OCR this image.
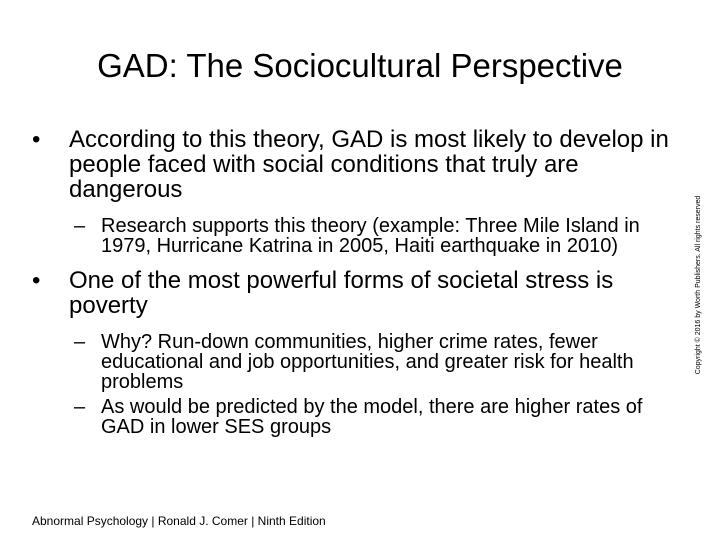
GAD: The Sociocultural Perspective
• According to this theory, GAD is most likely to develop in people faced with social conditions that truly are dangerous
– Research supports this theory (example: Three Mile Island in 1979, Hurricane Katrina in 2005, Haiti earthquake in 2010)
• One of the most powerful forms of societal stress is poverty
– Why? Run-down communities, higher crime rates, fewer educational and job opportunities, and greater risk for health problems
– As would be predicted by the model, there are higher rates of GAD in lower SES groups
Abnormal Psychology | Ronald J. Comer | Ninth Edition
Copyright © 2016 by Worth Publishers. All rights reserved
